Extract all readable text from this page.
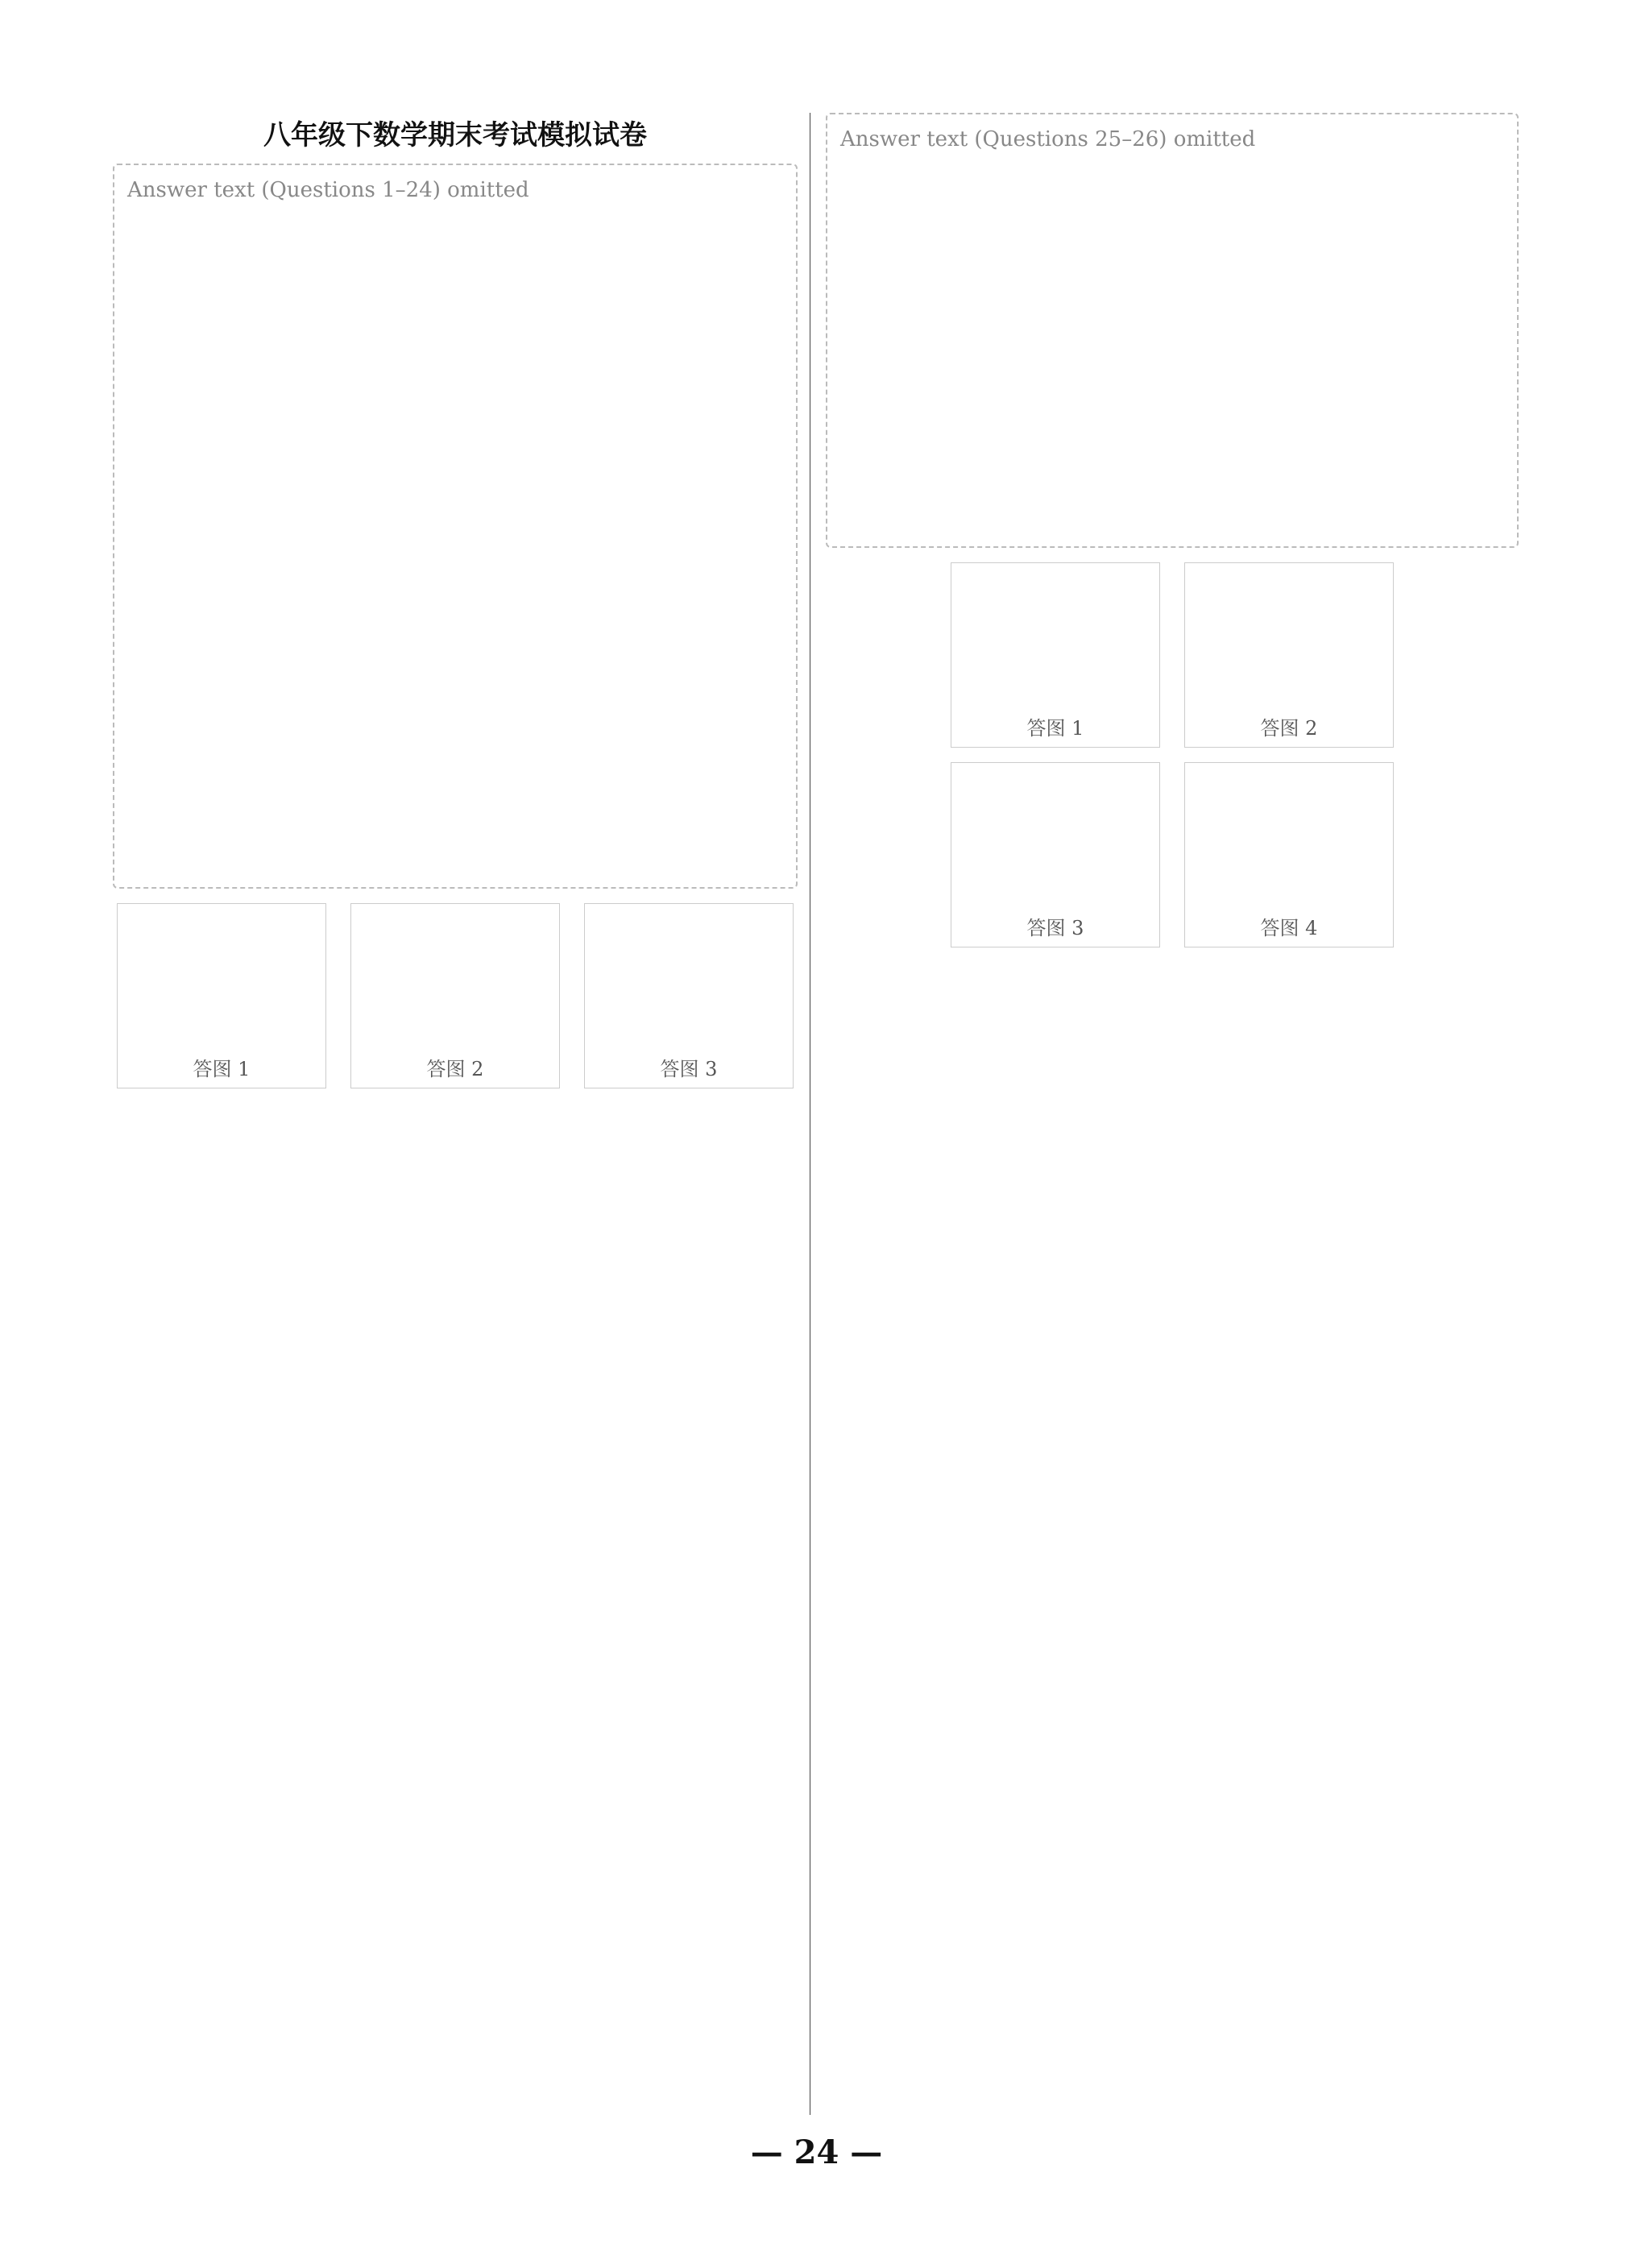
八年级下数学期末考试模拟试卷
Answer text (Questions 1–24) omitted
答图 1	答图 2	答图 3
Answer text (Questions 25–26) omitted
答图 1	答图 2
答图 3	答图 4
— 24 —
